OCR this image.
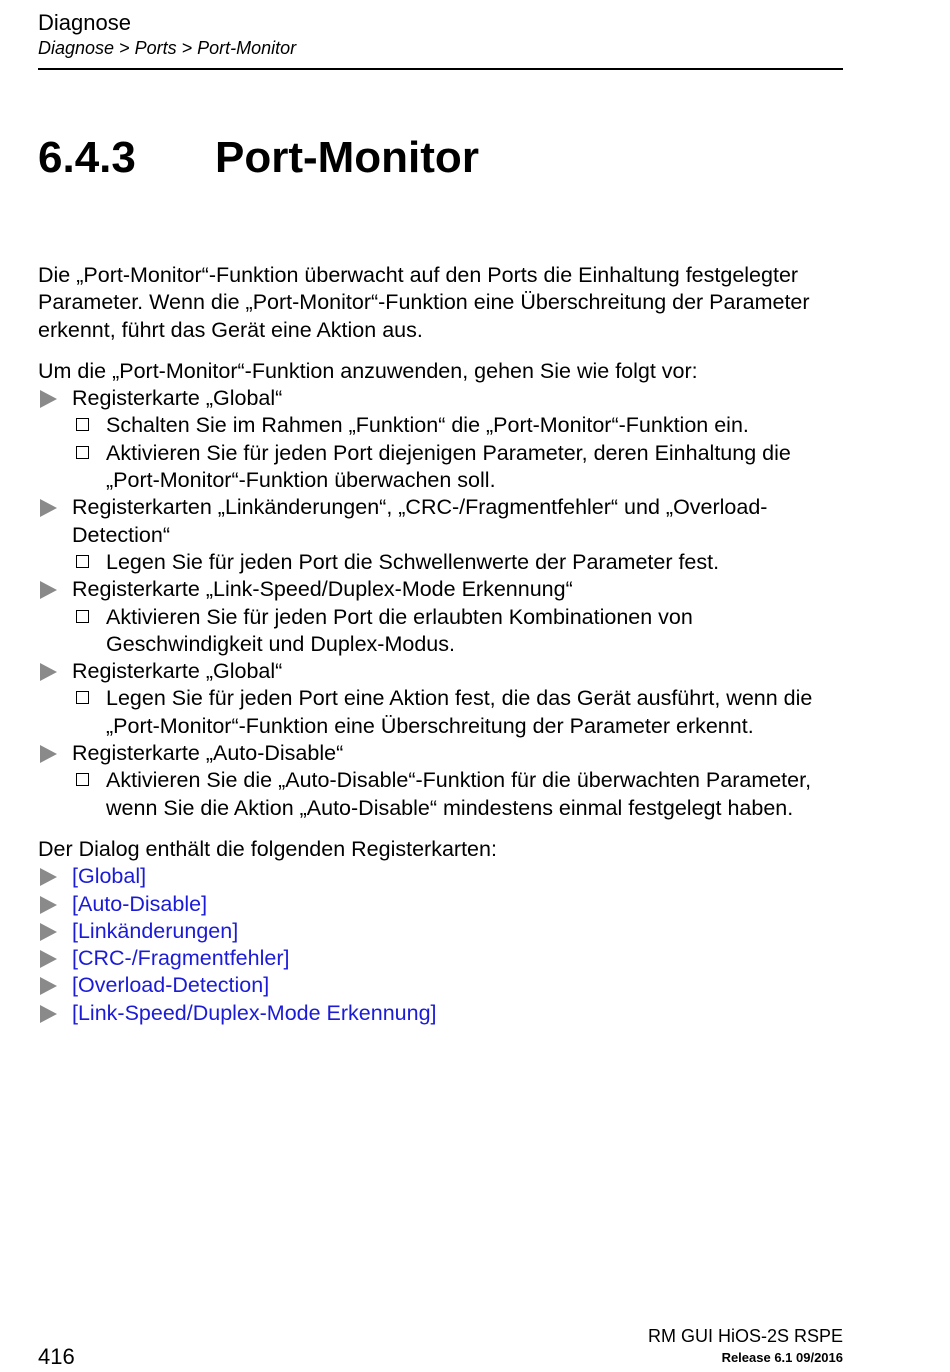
Diagnose
Diagnose > Ports > Port-Monitor
6.4.3 Port-Monitor

Die „Port-Monitor“-Funktion überwacht auf den Ports die Einhaltung festgelegter Parameter. Wenn die „Port-Monitor“-Funktion eine Überschreitung der Parameter erkennt, führt das Gerät eine Aktion aus.

Um die „Port-Monitor“-Funktion anzuwenden, gehen Sie wie folgt vor:

Registerkarte „Global“
Schalten Sie im Rahmen „Funktion“ die „Port-Monitor“-Funktion ein.
Aktivieren Sie für jeden Port diejenigen Parameter, deren Einhaltung die „Port-Monitor“-Funktion überwachen soll.
Registerkarten „Linkänderungen“, „CRC-/Fragmentfehler“ und „Overload-Detection“
Legen Sie für jeden Port die Schwellenwerte der Parameter fest.
Registerkarte „Link-Speed/Duplex-Mode Erkennung“
Aktivieren Sie für jeden Port die erlaubten Kombinationen von Geschwindigkeit und Duplex-Modus.
Registerkarte „Global“
Legen Sie für jeden Port eine Aktion fest, die das Gerät ausführt, wenn die „Port-Monitor“-Funktion eine Überschreitung der Parameter erkennt.
Registerkarte „Auto-Disable“
Aktivieren Sie die „Auto-Disable“-Funktion für die überwachten Parameter, wenn Sie die Aktion „Auto-Disable“ mindestens einmal festgelegt haben.

Der Dialog enthält die folgenden Registerkarten:

[Global]
[Auto-Disable]
[Linkänderungen]
[CRC-/Fragmentfehler]
[Overload-Detection]
[Link-Speed/Duplex-Mode Erkennung]
416
RM GUI HiOS-2S RSPE
Release 6.1 09/2016
